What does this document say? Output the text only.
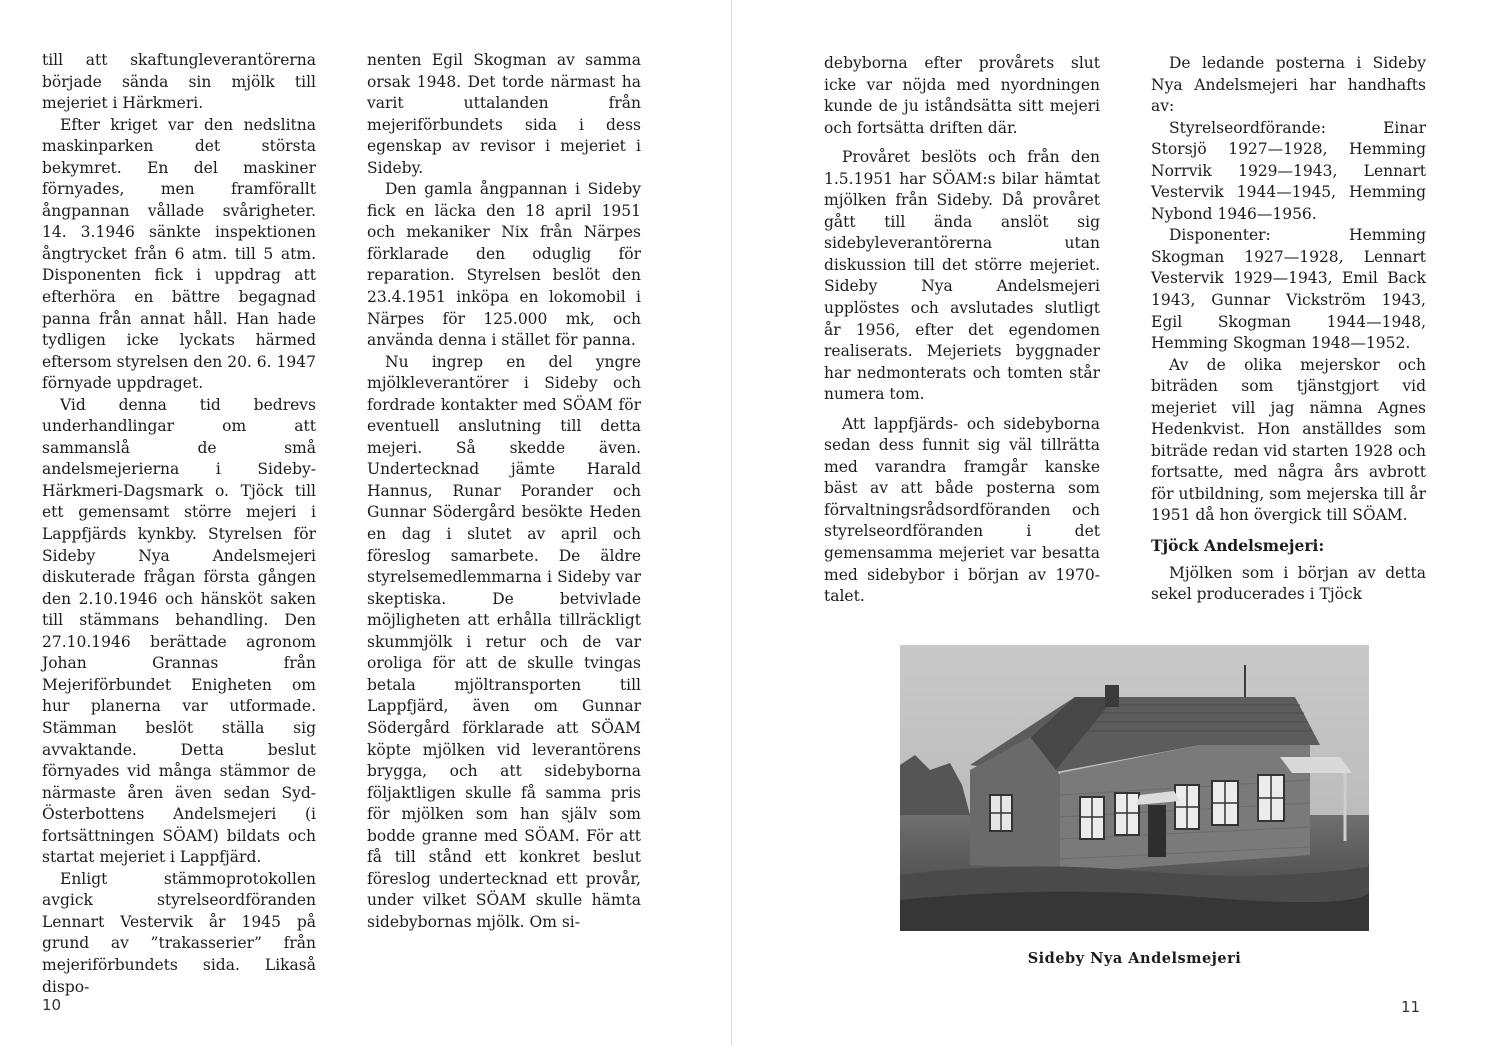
till att skaftungleverantörerna började sända sin mjölk till mejeriet i Härkmeri.

Efter kriget var den nedslitna maskinparken det största bekymret. En del maskiner förnyades, men framförallt ångpannan vållade svårigheter. 14. 3.1946 sänkte inspektionen ångtrycket från 6 atm. till 5 atm. Disponenten fick i uppdrag att efterhöra en bättre begagnad panna från annat håll. Han hade tydligen icke lyckats härmed eftersom styrelsen den 20. 6. 1947 förnyade uppdraget.

Vid denna tid bedrevs underhandlingar om att sammanslå de små andelsmejerierna i Sideby-Härkmeri-Dagsmark o. Tjöck till ett gemensamt större mejeri i Lappfjärds kynkby. Styrelsen för Sideby Nya Andelsmejeri diskuterade frågan första gången den 2.10.1946 och hänsköt saken till stämmans behandling. Den 27.10.1946 berättade agronom Johan Grannas från Mejeriförbundet Enigheten om hur planerna var utformade. Stämman beslöt ställa sig avvaktande. Detta beslut förnyades vid många stämmor de närmaste åren även sedan Syd-Österbottens Andelsmejeri (i fortsättningen SÖAM) bildats och startat mejeriet i Lappfjärd.

Enligt stämmoprotokollen avgick styrelseordföranden Lennart Vestervik år 1945 på grund av ”trakasserier” från mejeriförbundets sida. Likaså dispo-

nenten Egil Skogman av samma orsak 1948. Det torde närmast ha varit uttalanden från mejeriförbundets sida i dess egenskap av revisor i mejeriet i Sideby.

Den gamla ångpannan i Sideby fick en läcka den 18 april 1951 och mekaniker Nix från Närpes förklarade den oduglig för reparation. Styrelsen beslöt den 23.4.1951 inköpa en lokomobil i Närpes för 125.000 mk, och använda denna i stället för panna.

Nu ingrep en del yngre mjölkleverantörer i Sideby och fordrade kontakter med SÖAM för eventuell anslutning till detta mejeri. Så skedde även. Undertecknad jämte Harald Hannus, Runar Porander och Gunnar Södergård besökte Heden en dag i slutet av april och föreslog samarbete. De äldre styrelsemedlemmarna i Sideby var skeptiska. De betvivlade möjligheten att erhålla tillräckligt skummjölk i retur och de var oroliga för att de skulle tvingas betala mjöltransporten till Lappfjärd, även om Gunnar Södergård förklarade att SÖAM köpte mjölken vid leverantörens brygga, och att sidebyborna följaktligen skulle få samma pris för mjölken som han själv som bodde granne med SÖAM. För att få till stånd ett konkret beslut föreslog undertecknad ett provår, under vilket SÖAM skulle hämta sidebybornas mjölk. Om si-

10

debyborna efter provårets slut icke var nöjda med nyordningen kunde de ju iståndsätta sitt mejeri och fortsätta driften där.

Provåret beslöts och från den 1.5.1951 har SÖAM:s bilar hämtat mjölken från Sideby. Då provåret gått till ända anslöt sig sidebyleverantörerna utan diskussion till det större mejeriet. Sideby Nya Andelsmejeri upplöstes och avslutades slutligt år 1956, efter det egendomen realiserats. Mejeriets byggnader har nedmonterats och tomten står numera tom.

Att lappfjärds- och sidebyborna sedan dess funnit sig väl tillrätta med varandra framgår kanske bäst av att både posterna som förvaltningsrådsordföranden och styrelseordföranden i det gemensamma mejeriet var besatta med sidebybor i början av 1970-talet.

De ledande posterna i Sideby Nya Andelsmejeri har handhafts av:

Styrelseordförande: Einar Storsjö 1927—1928, Hemming Norrvik 1929—1943, Lennart Vestervik 1944—1945, Hemming Nybond 1946—1956.

Disponenter: Hemming Skogman 1927—1928, Lennart Vestervik 1929—1943, Emil Back 1943, Gunnar Vickström 1943, Egil Skogman 1944—1948, Hemming Skogman 1948—1952.

Av de olika mejerskor och biträden som tjänstgjort vid mejeriet vill jag nämna Agnes Hedenkvist. Hon anställdes som biträde redan vid starten 1928 och fortsatte, med några års avbrott för utbildning, som mejerska till år 1951 då hon övergick till SÖAM.

Tjöck Andelsmejeri:

Mjölken som i början av detta sekel producerades i Tjöck

Sideby Nya Andelsmejeri
11
